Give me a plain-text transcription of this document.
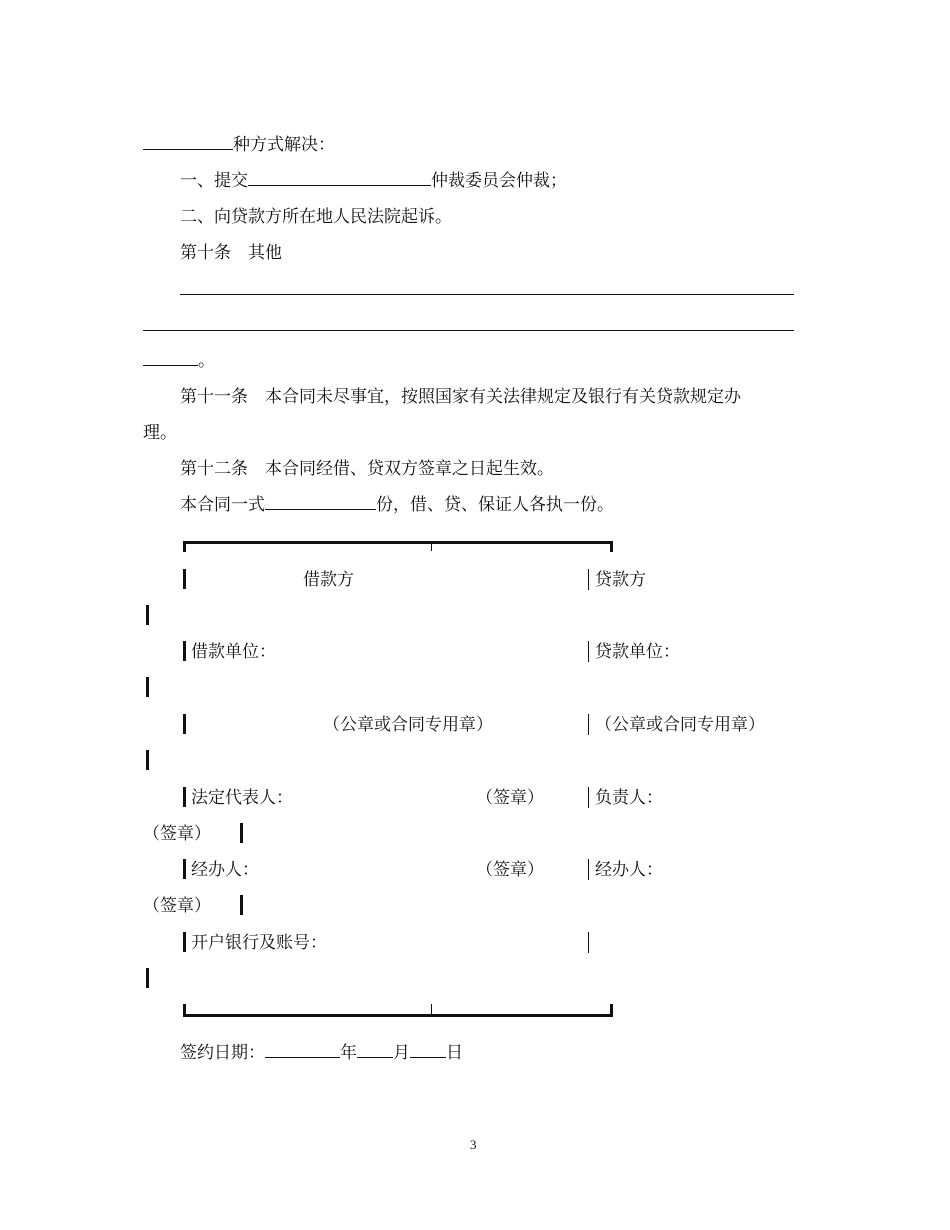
种方式解决：
一、提交	仲裁委员会仲裁；
二、向贷款方所在地人民法院起诉。
第十条　其他
。
第十一条　本合同未尽事宜，按照国家有关法律规定及银行有关贷款规定办
理。
第十二条　本合同经借、贷双方签章之日起生效。
本合同一式	份，借、贷、保证人各执一份。
借款方	贷款方
借款单位：	贷款单位：
（公章或合同专用章）	（公章或合同专用章）
法定代表人：	（签章）	负责人：
（签章）
经办人：	（签章）	经办人：
（签章）
开户银行及账号：
签约日期：	年 月 日
3
